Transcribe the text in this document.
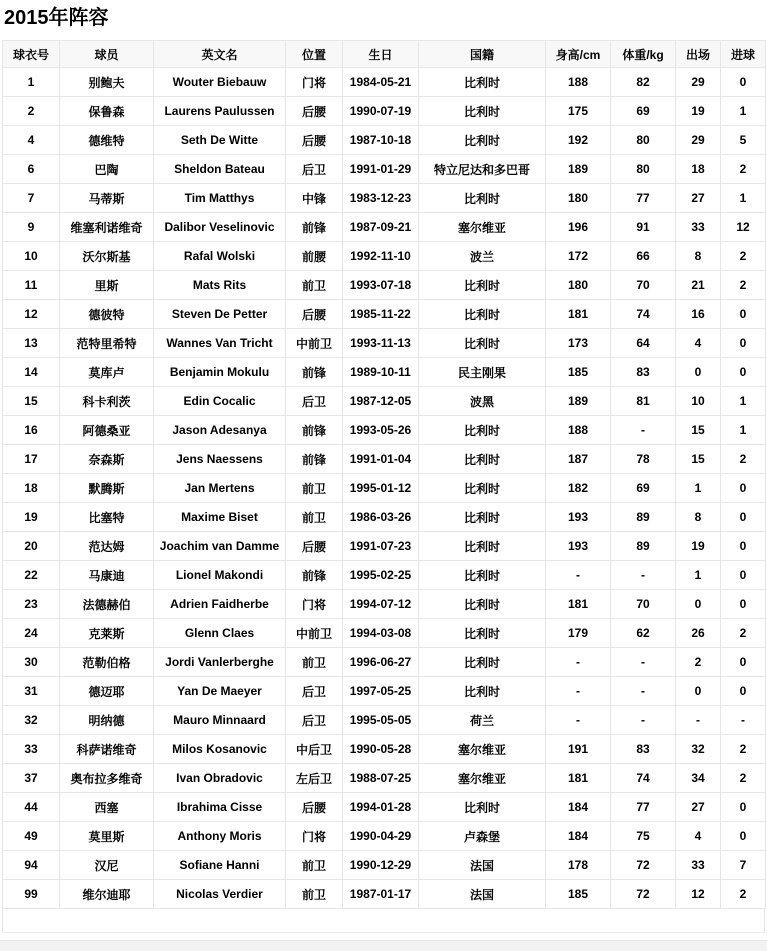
2015年阵容
球衣号	球员	英文名	位置	生日	国籍	身高/cm	体重/kg	出场	进球
1	别鲍夫	Wouter Biebauw	门将	1984-05-21	比利时	188	82	29	0
2	保鲁森	Laurens Paulussen	后腰	1990-07-19	比利时	175	69	19	1
4	德维特	Seth De Witte	后腰	1987-10-18	比利时	192	80	29	5
6	巴陶	Sheldon Bateau	后卫	1991-01-29	特立尼达和多巴哥	189	80	18	2
7	马蒂斯	Tim Matthys	中锋	1983-12-23	比利时	180	77	27	1
9	维塞利诺维奇	Dalibor Veselinovic	前锋	1987-09-21	塞尔维亚	196	91	33	12
10	沃尔斯基	Rafal Wolski	前腰	1992-11-10	波兰	172	66	8	2
11	里斯	Mats Rits	前卫	1993-07-18	比利时	180	70	21	2
12	德彼特	Steven De Petter	后腰	1985-11-22	比利时	181	74	16	0
13	范特里希特	Wannes Van Tricht	中前卫	1993-11-13	比利时	173	64	4	0
14	莫库卢	Benjamin Mokulu	前锋	1989-10-11	民主刚果	185	83	0	0
15	科卡利茨	Edin Cocalic	后卫	1987-12-05	波黑	189	81	10	1
16	阿德桑亚	Jason Adesanya	前锋	1993-05-26	比利时	188	-	15	1
17	奈森斯	Jens Naessens	前锋	1991-01-04	比利时	187	78	15	2
18	默腾斯	Jan Mertens	前卫	1995-01-12	比利时	182	69	1	0
19	比塞特	Maxime Biset	前卫	1986-03-26	比利时	193	89	8	0
20	范达姆	Joachim van Damme	后腰	1991-07-23	比利时	193	89	19	0
22	马康迪	Lionel Makondi	前锋	1995-02-25	比利时	-	-	1	0
23	法德赫伯	Adrien Faidherbe	门将	1994-07-12	比利时	181	70	0	0
24	克莱斯	Glenn Claes	中前卫	1994-03-08	比利时	179	62	26	2
30	范勒伯格	Jordi Vanlerberghe	前卫	1996-06-27	比利时	-	-	2	0
31	德迈耶	Yan De Maeyer	后卫	1997-05-25	比利时	-	-	0	0
32	明纳德	Mauro Minnaard	后卫	1995-05-05	荷兰	-	-	-	-
33	科萨诺维奇	Milos Kosanovic	中后卫	1990-05-28	塞尔维亚	191	83	32	2
37	奥布拉多维奇	Ivan Obradovic	左后卫	1988-07-25	塞尔维亚	181	74	34	2
44	西塞	Ibrahima Cisse	后腰	1994-01-28	比利时	184	77	27	0
49	莫里斯	Anthony Moris	门将	1990-04-29	卢森堡	184	75	4	0
94	汉尼	Sofiane Hanni	前卫	1990-12-29	法国	178	72	33	7
99	维尔迪耶	Nicolas Verdier	前卫	1987-01-17	法国	185	72	12	2
